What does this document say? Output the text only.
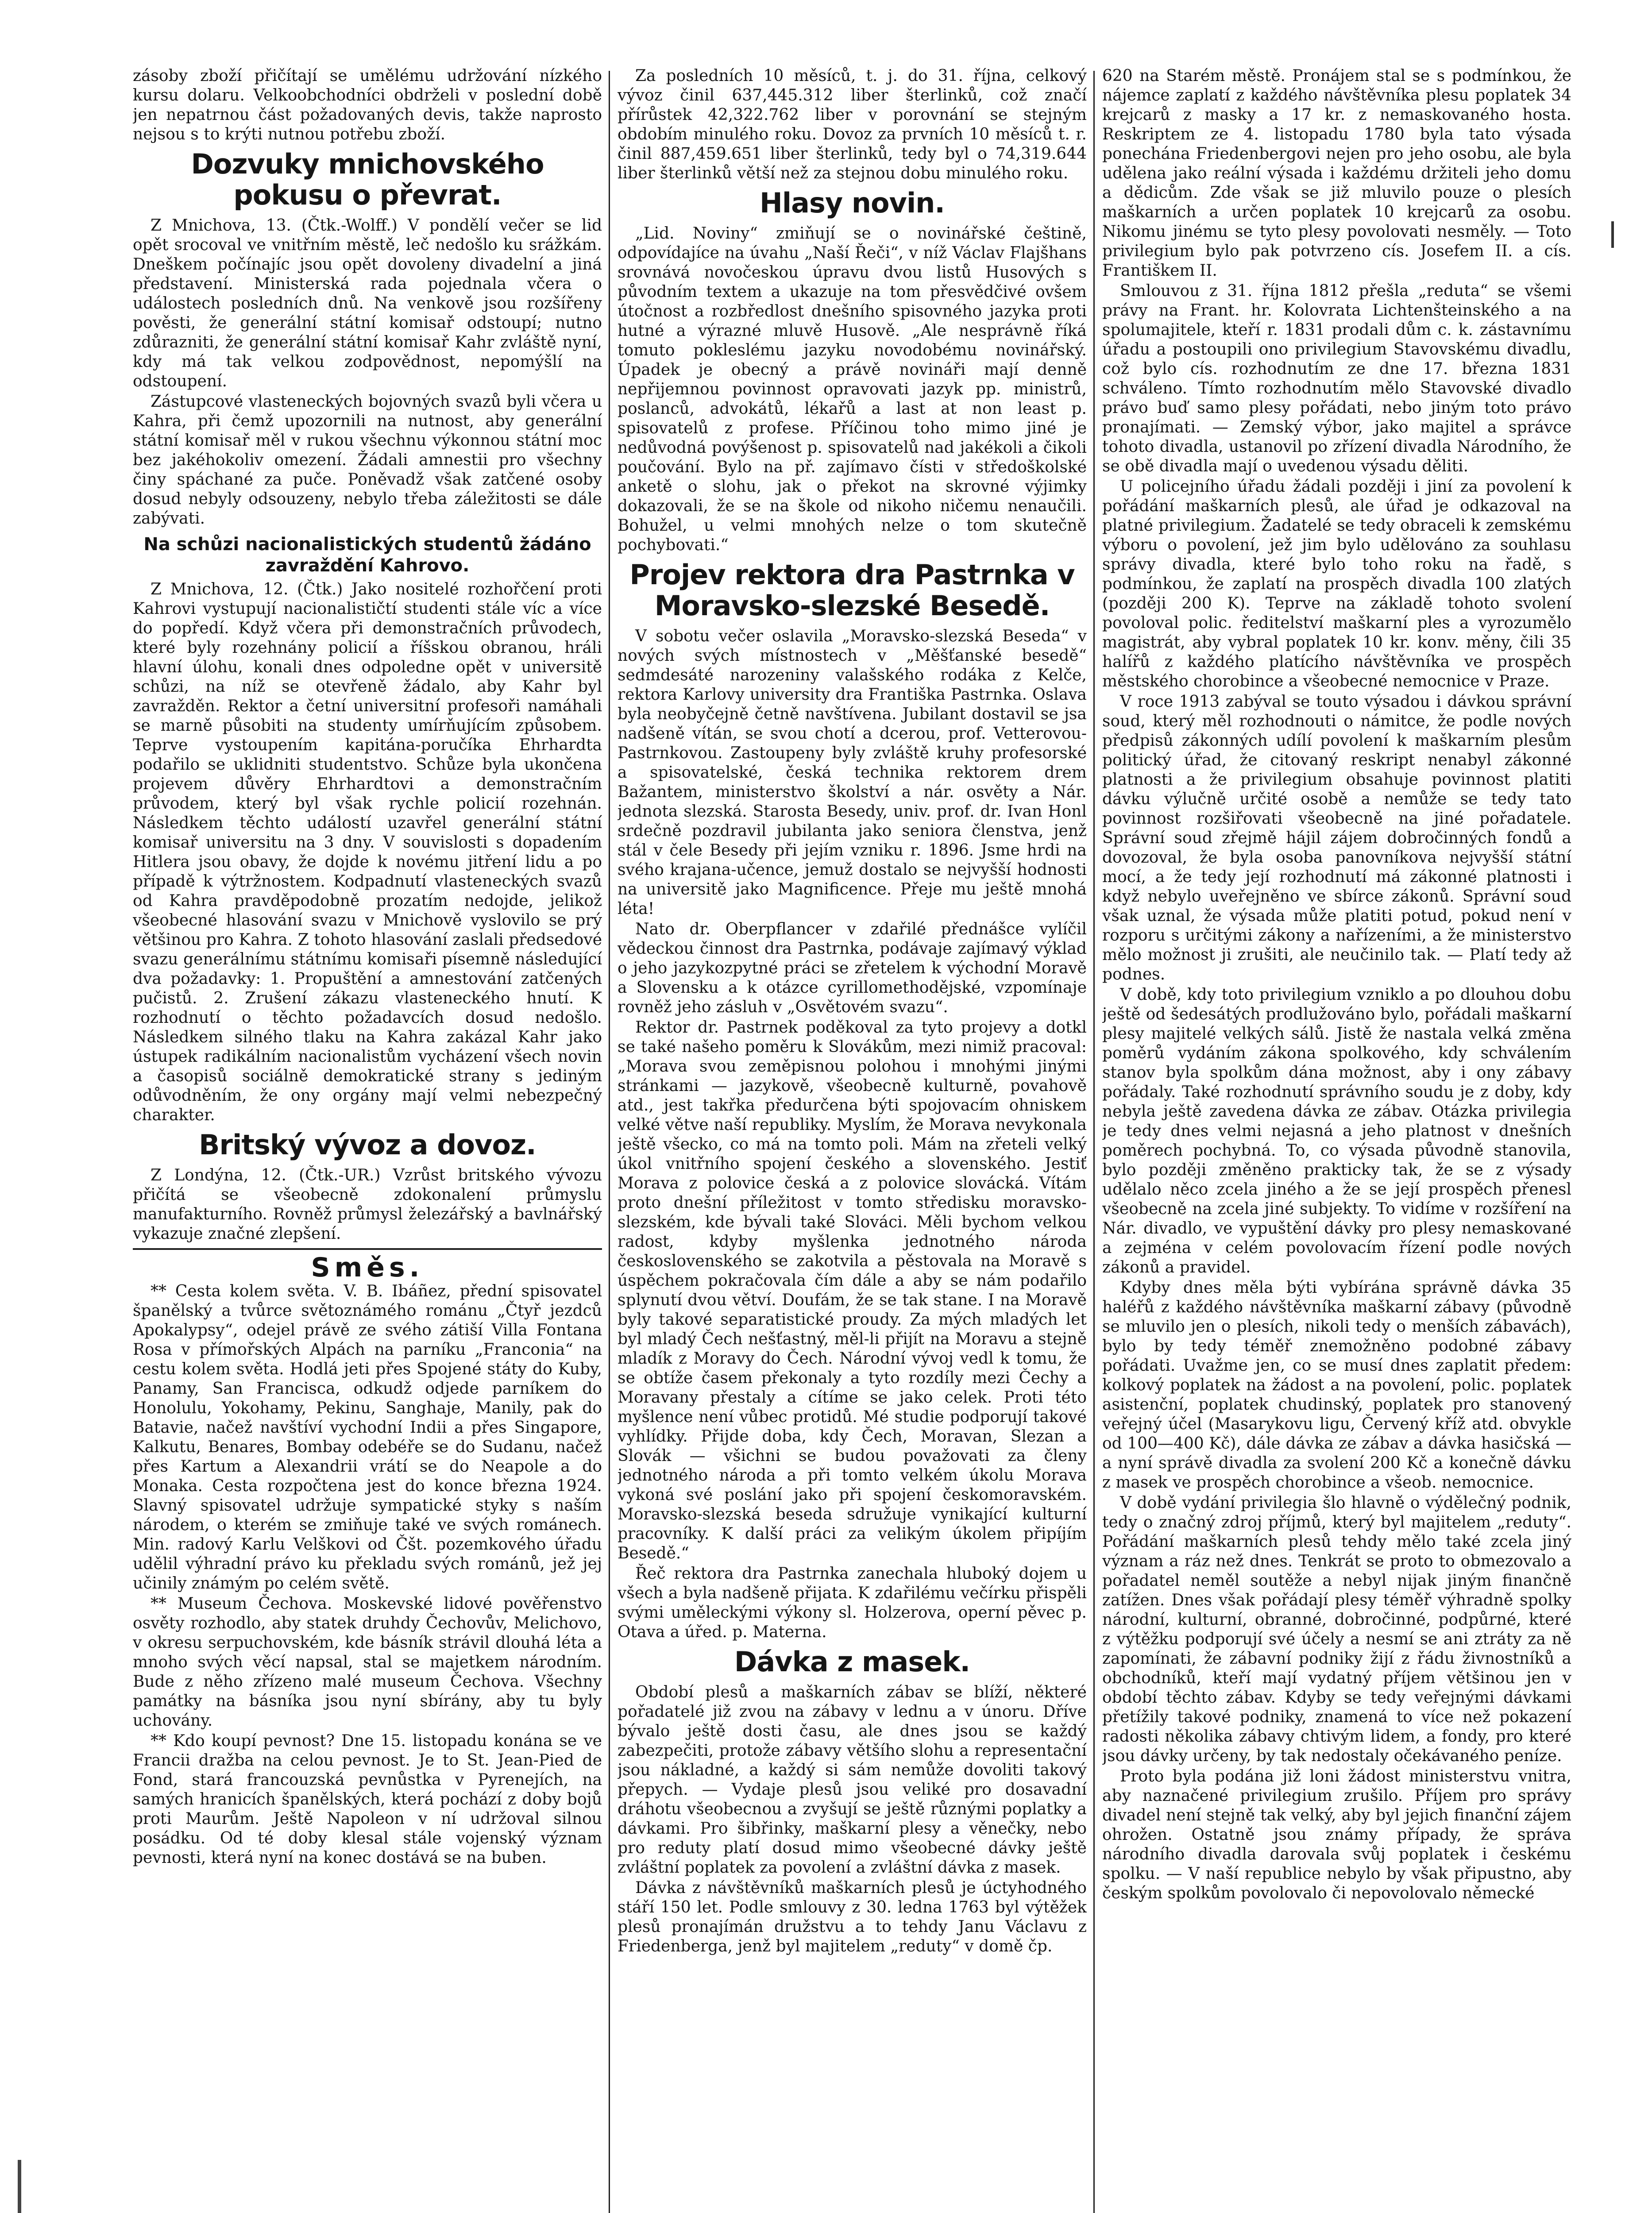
zásoby zboží přičítají se umělému udržování nízkého kursu dolaru. Velkoobchodníci obdrželi v poslední době jen nepatrnou část požadovaných devis, takže naprosto nejsou s to krýti nutnou potřebu zboží.

Dozvuky mnichovského pokusu o převrat.

Z Mnichova, 13. (Čtk.-Wolff.) V pondělí večer se lid opět srocoval ve vnitřním městě, leč nedošlo ku srážkám. Dneškem počínajíc jsou opět dovoleny divadelní a jiná představení. Ministerská rada pojednala včera o událostech posledních dnů. Na venkově jsou rozšířeny pověsti, že generální státní komisař odstoupí; nutno zdůrazniti, že generální státní komisař Kahr zvláště nyní, kdy má tak velkou zodpovědnost, nepomýšlí na odstoupení.

Zástupcové vlasteneckých bojovných svazů byli včera u Kahra, při čemž upozornili na nutnost, aby generální státní komisař měl v rukou všechnu výkonnou státní moc bez jakéhokoliv omezení. Žádali amnestii pro všechny činy spáchané za puče. Poněvadž však zatčené osoby dosud nebyly odsouzeny, nebylo třeba záležitosti se dále zabývati.

Na schůzi nacionalistických studentů žádáno zavraždění Kahrovo.

Z Mnichova, 12. (Čtk.) Jako nositelé rozhořčení proti Kahrovi vystupují nacionalističtí studenti stále víc a více do popředí. Když včera při demonstračních průvodech, které byly rozehnány policií a říšskou obranou, hráli hlavní úlohu, konali dnes odpoledne opět v universitě schůzi, na níž se otevřeně žádalo, aby Kahr byl zavražděn. Rektor a četní universitní profesoři namáhali se marně působiti na studenty umírňujícím způsobem. Teprve vystoupením kapitána-poručíka Ehrhardta podařilo se uklidniti studentstvo. Schůze byla ukončena projevem důvěry Ehrhardtovi a demonstračním průvodem, který byl však rychle policií rozehnán. Následkem těchto událostí uzavřel generální státní komisař universitu na 3 dny. V souvislosti s dopadením Hitlera jsou obavy, že dojde k novému jitření lidu a po případě k výtržnostem. Kodpadnutí vlasteneckých svazů od Kahra pravděpodobně prozatím nedojde, jelikož všeobecné hlasování svazu v Mnichově vyslovilo se prý většinou pro Kahra. Z tohoto hlasování zaslali předsedové svazu generálnímu státnímu komisaři písemně následující dva požadavky: 1. Propuštění a amnestování zatčených pučistů. 2. Zrušení zákazu vlasteneckého hnutí. K rozhodnutí o těchto požadavcích dosud nedošlo. Následkem silného tlaku na Kahra zakázal Kahr jako ústupek radikálním nacionalistům vycházení všech novin a časopisů sociálně demokratické strany s jediným odůvodněním, že ony orgány mají velmi nebezpečný charakter.

Britský vývoz a dovoz.

Z Londýna, 12. (Čtk.-UR.) Vzrůst britského vývozu přičítá se všeobecně zdokonalení průmyslu manufakturního. Rovněž průmysl železářský a bavlnářský vykazuje značné zlepšení.

Směs.

** Cesta kolem světa. V. B. Ibáñez, přední spisovatel španělský a tvůrce světoznámého románu „Čtyř jezdců Apokalypsy“, odejel právě ze svého zátiší Villa Fontana Rosa v přímořských Alpách na parníku „Franconia“ na cestu kolem světa. Hodlá jeti přes Spojené státy do Kuby, Panamy, San Francisca, odkudž odjede parníkem do Honolulu, Yokohamy, Pekinu, Sanghaje, Manily, pak do Batavie, načež navštíví vychodní Indii a přes Singapore, Kalkutu, Benares, Bombay odebéře se do Sudanu, načež přes Kartum a Alexandrii vrátí se do Neapole a do Monaka. Cesta rozpočtena jest do konce března 1924. Slavný spisovatel udržuje sympatické styky s naším národem, o kterém se zmiňuje také ve svých románech. Min. radový Karlu Velškovi od Čšt. pozemkového úřadu udělil výhradní právo ku překladu svých románů, jež jej učinily známým po celém světě.

** Museum Čechova. Moskevské lidové pověřenstvo osvěty rozhodlo, aby statek druhdy Čechovův, Melichovo, v okresu serpuchovském, kde básník strávil dlouhá léta a mnoho svých věcí napsal, stal se majetkem národním. Bude z něho zřízeno malé museum Čechova. Všechny památky na básníka jsou nyní sbírány, aby tu byly uchovány.

** Kdo koupí pevnost? Dne 15. listopadu konána se ve Francii dražba na celou pevnost. Je to St. Jean-Pied de Fond, stará francouzská pevnůstka v Pyrenejích, na samých hranicích španělských, která pochází z doby bojů proti Maurům. Ještě Napoleon v ní udržoval silnou posádku. Od té doby klesal stále vojenský význam pevnosti, která nyní na konec dostává se na buben.

Za posledních 10 měsíců, t. j. do 31. října, celkový vývoz činil 637,445.312 liber šterlinků, což značí přírůstek 42,322.762 liber v porovnání se stejným obdobím minulého roku. Dovoz za prvních 10 měsíců t. r. činil 887,459.651 liber šterlinků, tedy byl o 74,319.644 liber šterlinků větší než za stejnou dobu minulého roku.

Hlasy novin.

„Lid. Noviny“ zmiňují se o novinářské češtině, odpovídajíce na úvahu „Naší Řeči“, v níž Václav Flajšhans srovnává novočeskou úpravu dvou listů Husových s původním textem a ukazuje na tom přesvědčivé ovšem útočnost a rozbředlost dnešního spisovného jazyka proti hutné a výrazné mluvě Husově. „Ale nesprávně říká tomuto pokleslému jazyku novodobému novinářský. Úpadek je obecný a právě novináři mají denně nepřijemnou povinnost opravovati jazyk pp. ministrů, poslanců, advokátů, lékařů a last at non least p. spisovatelů z profese. Příčinou toho mimo jiné je nedůvodná povýšenost p. spisovatelů nad jakékoli a čikoli poučování. Bylo na př. zajímavo čísti v středoškolské anketě o slohu, jak o překot na skrovné výjimky dokazovali, že se na škole od nikoho ničemu nenaučili. Bohužel, u velmi mnohých nelze o tom skutečně pochybovati.“

Projev rektora dra Pastrnka v Moravsko-slezské Besedě.

V sobotu večer oslavila „Moravsko-slezská Beseda“ v nových svých místnostech v „Měšťanské besedě“ sedmdesáté narozeniny valašského rodáka z Kelče, rektora Karlovy university dra Františka Pastrnka. Oslava byla neobyčejně četně navštívena. Jubilant dostavil se jsa nadšeně vítán, se svou chotí a dcerou, prof. Vetterovou-Pastrnkovou. Zastoupeny byly zvláště kruhy profesorské a spisovatelské, česká technika rektorem drem Bažantem, ministerstvo školství a nár. osvěty a Nár. jednota slezská. Starosta Besedy, univ. prof. dr. Ivan Honl srdečně pozdravil jubilanta jako seniora členstva, jenž stál v čele Besedy při jejím vzniku r. 1896. Jsme hrdi na svého krajana-učence, jemuž dostalo se nejvyšší hodnosti na universitě jako Magnificence. Přeje mu ještě mnohá léta!

Nato dr. Oberpflancer v zdařilé přednášce vylíčil vědeckou činnost dra Pastrnka, podávaje zajímavý výklad o jeho jazykozpytné práci se zřetelem k východní Moravě a Slovensku a k otázce cyrillomethodějské, vzpomínaje rovněž jeho zásluh v „Osvětovém svazu“.

Rektor dr. Pastrnek poděkoval za tyto projevy a dotkl se také našeho poměru k Slovákům, mezi nimiž pracoval: „Morava svou zeměpisnou polohou i mnohými jinými stránkami — jazykově, všeobecně kulturně, povahově atd., jest takřka předurčena býti spojovacím ohniskem velké větve naší republiky. Myslím, že Morava nevykonala ještě všecko, co má na tomto poli. Mám na zřeteli velký úkol vnitřního spojení českého a slovenského. Jestiť Morava z polovice česká a z polovice slovácká. Vítám proto dnešní příležitost v tomto středisku moravsko-slezském, kde bývali také Slováci. Měli bychom velkou radost, kdyby myšlenka jednotného národa československého se zakotvila a pěstovala na Moravě s úspěchem pokračovala čím dále a aby se nám podařilo splynutí dvou větví. Doufám, že se tak stane. I na Moravě byly takové separatistické proudy. Za mých mladých let byl mladý Čech nešťastný, měl-li přijít na Moravu a stejně mladík z Moravy do Čech. Národní vývoj vedl k tomu, že se obtíže časem překonaly a tyto rozdíly mezi Čechy a Moravany přestaly a cítíme se jako celek. Proti této myšlence není vůbec protidů. Mé studie podporují takové vyhlídky. Přijde doba, kdy Čech, Moravan, Slezan a Slovák — všichni se budou považovati za členy jednotného národa a při tomto velkém úkolu Morava vykoná své poslání jako při spojení českomoravském. Moravsko-slezská beseda sdružuje vynikající kulturní pracovníky. K další práci za velikým úkolem připíjím Besedě.“

Řeč rektora dra Pastrnka zanechala hluboký dojem u všech a byla nadšeně přijata. K zdařilému večírku přispěli svými uměleckými výkony sl. Holzerova, operní pěvec p. Otava a úřed. p. Materna.

Dávka z masek.

Období plesů a maškarních zábav se blíží, některé pořadatelé již zvou na zábavy v lednu a v únoru. Dříve bývalo ještě dosti času, ale dnes jsou se každý zabezpečiti, protože zábavy většího slohu a representační jsou nákladné, a každý si sám nemůže dovoliti takový přepych. — Vydaje plesů jsou veliké pro dosavadní dráhotu všeobecnou a zvyšují se ještě různými poplatky a dávkami. Pro šibřinky, maškarní plesy a věnečky, nebo pro reduty platí dosud mimo všeobecné dávky ještě zvláštní poplatek za povolení a zvláštní dávka z masek.

Dávka z návštěvníků maškarních plesů je úctyhodného stáří 150 let. Podle smlouvy z 30. ledna 1763 byl výtěžek plesů pronajímán družstvu a to tehdy Janu Václavu z Friedenberga, jenž byl majitelem „reduty“ v domě čp.

620 na Starém městě. Pronájem stal se s podmínkou, že nájemce zaplatí z každého návštěvníka plesu poplatek 34 krejcarů z masky a 17 kr. z nemaskovaného hosta. Reskriptem ze 4. listopadu 1780 byla tato výsada ponechána Friedenbergovi nejen pro jeho osobu, ale byla udělena jako reální výsada i každému držiteli jeho domu a dědicům. Zde však se již mluvilo pouze o plesích maškarních a určen poplatek 10 krejcarů za osobu. Nikomu jinému se tyto plesy povolovati nesměly. — Toto privilegium bylo pak potvrzeno cís. Josefem II. a cís. Františkem II.

Smlouvou z 31. října 1812 přešla „reduta“ se všemi právy na Frant. hr. Kolovrata Lichtenšteinského a na spolumajitele, kteří r. 1831 prodali dům c. k. zástavnímu úřadu a postoupili ono privilegium Stavovskému divadlu, což bylo cís. rozhodnutím ze dne 17. března 1831 schváleno. Tímto rozhodnutím mělo Stavovské divadlo právo buď samo plesy pořádati, nebo jiným toto právo pronajímati. — Zemský výbor, jako majitel a správce tohoto divadla, ustanovil po zřízení divadla Národního, že se obě divadla mají o uvedenou výsadu děliti.

U policejního úřadu žádali později i jiní za povolení k pořádání maškarních plesů, ale úřad je odkazoval na platné privilegium. Žadatelé se tedy obraceli k zemskému výboru o povolení, jež jim bylo udělováno za souhlasu správy divadla, které bylo toho roku na řadě, s podmínkou, že zaplatí na prospěch divadla 100 zlatých (později 200 K). Teprve na základě tohoto svolení povoloval polic. ředitelství maškarní ples a vyrozumělo magistrát, aby vybral poplatek 10 kr. konv. měny, čili 35 halířů z každého platícího návštěvníka ve prospěch městského chorobince a všeobecné nemocnice v Praze.

V roce 1913 zabýval se touto výsadou i dávkou správní soud, který měl rozhodnouti o námitce, že podle nových předpisů zákonných udílí povolení k maškarním plesům politický úřad, že citovaný reskript nenabyl zákonné platnosti a že privilegium obsahuje povinnost platiti dávku výlučně určité osobě a nemůže se tedy tato povinnost rozšiřovati všeobecně na jiné pořadatele. Správní soud zřejmě hájil zájem dobročinných fondů a dovozoval, že byla osoba panovníkova nejvyšší státní mocí, a že tedy její rozhodnutí má zákonné platnosti i když nebylo uveřejněno ve sbírce zákonů. Správní soud však uznal, že výsada může platiti potud, pokud není v rozporu s určitými zákony a nařízeními, a že ministerstvo mělo možnost ji zrušiti, ale neučinilo tak. — Platí tedy až podnes.

V době, kdy toto privilegium vzniklo a po dlouhou dobu ještě od šedesátých prodlužováno bylo, pořádali maškarní plesy majitelé velkých sálů. Jistě že nastala velká změna poměrů vydáním zákona spolkového, kdy schválením stanov byla spolkům dána možnost, aby i ony zábavy pořádaly. Také rozhodnutí správního soudu je z doby, kdy nebyla ještě zavedena dávka ze zábav. Otázka privilegia je tedy dnes velmi nejasná a jeho platnost v dnešních poměrech pochybná. To, co výsada původně stanovila, bylo později změněno prakticky tak, že se z výsady udělalo něco zcela jiného a že se její prospěch přenesl všeobecně na zcela jiné subjekty. To vidíme v rozšíření na Nár. divadlo, ve vypuštění dávky pro plesy nemaskované a zejména v celém povolovacím řízení podle nových zákonů a pravidel.

Kdyby dnes měla býti vybírána správně dávka 35 haléřů z každého návštěvníka maškarní zábavy (původně se mluvilo jen o plesích, nikoli tedy o menších zábavách), bylo by tedy téměř znemožněno podobné zábavy pořádati. Uvažme jen, co se musí dnes zaplatit předem: kolkový poplatek na žádost a na povolení, polic. poplatek asistenční, poplatek chudinský, poplatek pro stanovený veřejný účel (Masarykovu ligu, Červený kříž atd. obvykle od 100—400 Kč), dále dávka ze zábav a dávka hasičská — a nyní správě divadla za svolení 200 Kč a konečně dávku z masek ve prospěch chorobince a všeob. nemocnice.

V době vydání privilegia šlo hlavně o výdělečný podnik, tedy o značný zdroj příjmů, který byl majitelem „reduty“. Pořádání maškarních plesů tehdy mělo také zcela jiný význam a ráz než dnes. Tenkrát se proto to obmezovalo a pořadatel neměl soutěže a nebyl nijak jiným finančně zatížen. Dnes však pořádají plesy téměř výhradně spolky národní, kulturní, obranné, dobročinné, podpůrné, které z výtěžku podporují své účely a nesmí se ani ztráty za ně zapomínati, že zábavní podniky žijí z řádu živnostníků a obchodníků, kteří mají vydatný příjem většinou jen v období těchto zábav. Kdyby se tedy veřejnými dávkami přetížily takové podniky, znamená to více než pokazení radosti několika zábavy chtivým lidem, a fondy, pro které jsou dávky určeny, by tak nedostaly očekávaného peníze.

Proto byla podána již loni žádost ministerstvu vnitra, aby naznačené privilegium zrušilo. Příjem pro správy divadel není stejně tak velký, aby byl jejich finanční zájem ohrožen. Ostatně jsou známy případy, že správa národního divadla darovala svůj poplatek i českému spolku. — V naší republice nebylo by však připustno, aby českým spolkům povolovalo či nepovolovalo německé
